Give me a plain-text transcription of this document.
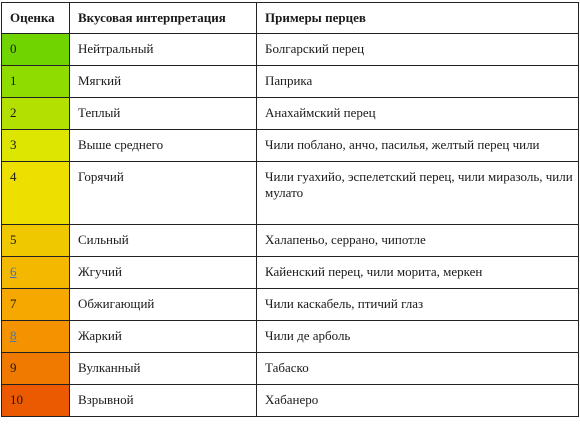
Оценка	Вкусовая интерпретация	Примеры перцев
0	Нейтральный	Болгарский перец
1	Мягкий	Паприка
2	Теплый	Анахаймский перец
3	Выше среднего	Чили поблано, анчо, пасилья, желтый перец чили
4	Горячий	Чили гуахийо, эспелетский перец, чили миразоль, чили мулато
5	Сильный	Халапеньо, серрано, чипотле
6	Жгучий	Кайенский перец, чили морита, меркен
7	Обжигающий	Чили каскабель, птичий глаз
8	Жаркий	Чили де арболь
9	Вулканный	Табаско
10	Взрывной	Хабанеро
